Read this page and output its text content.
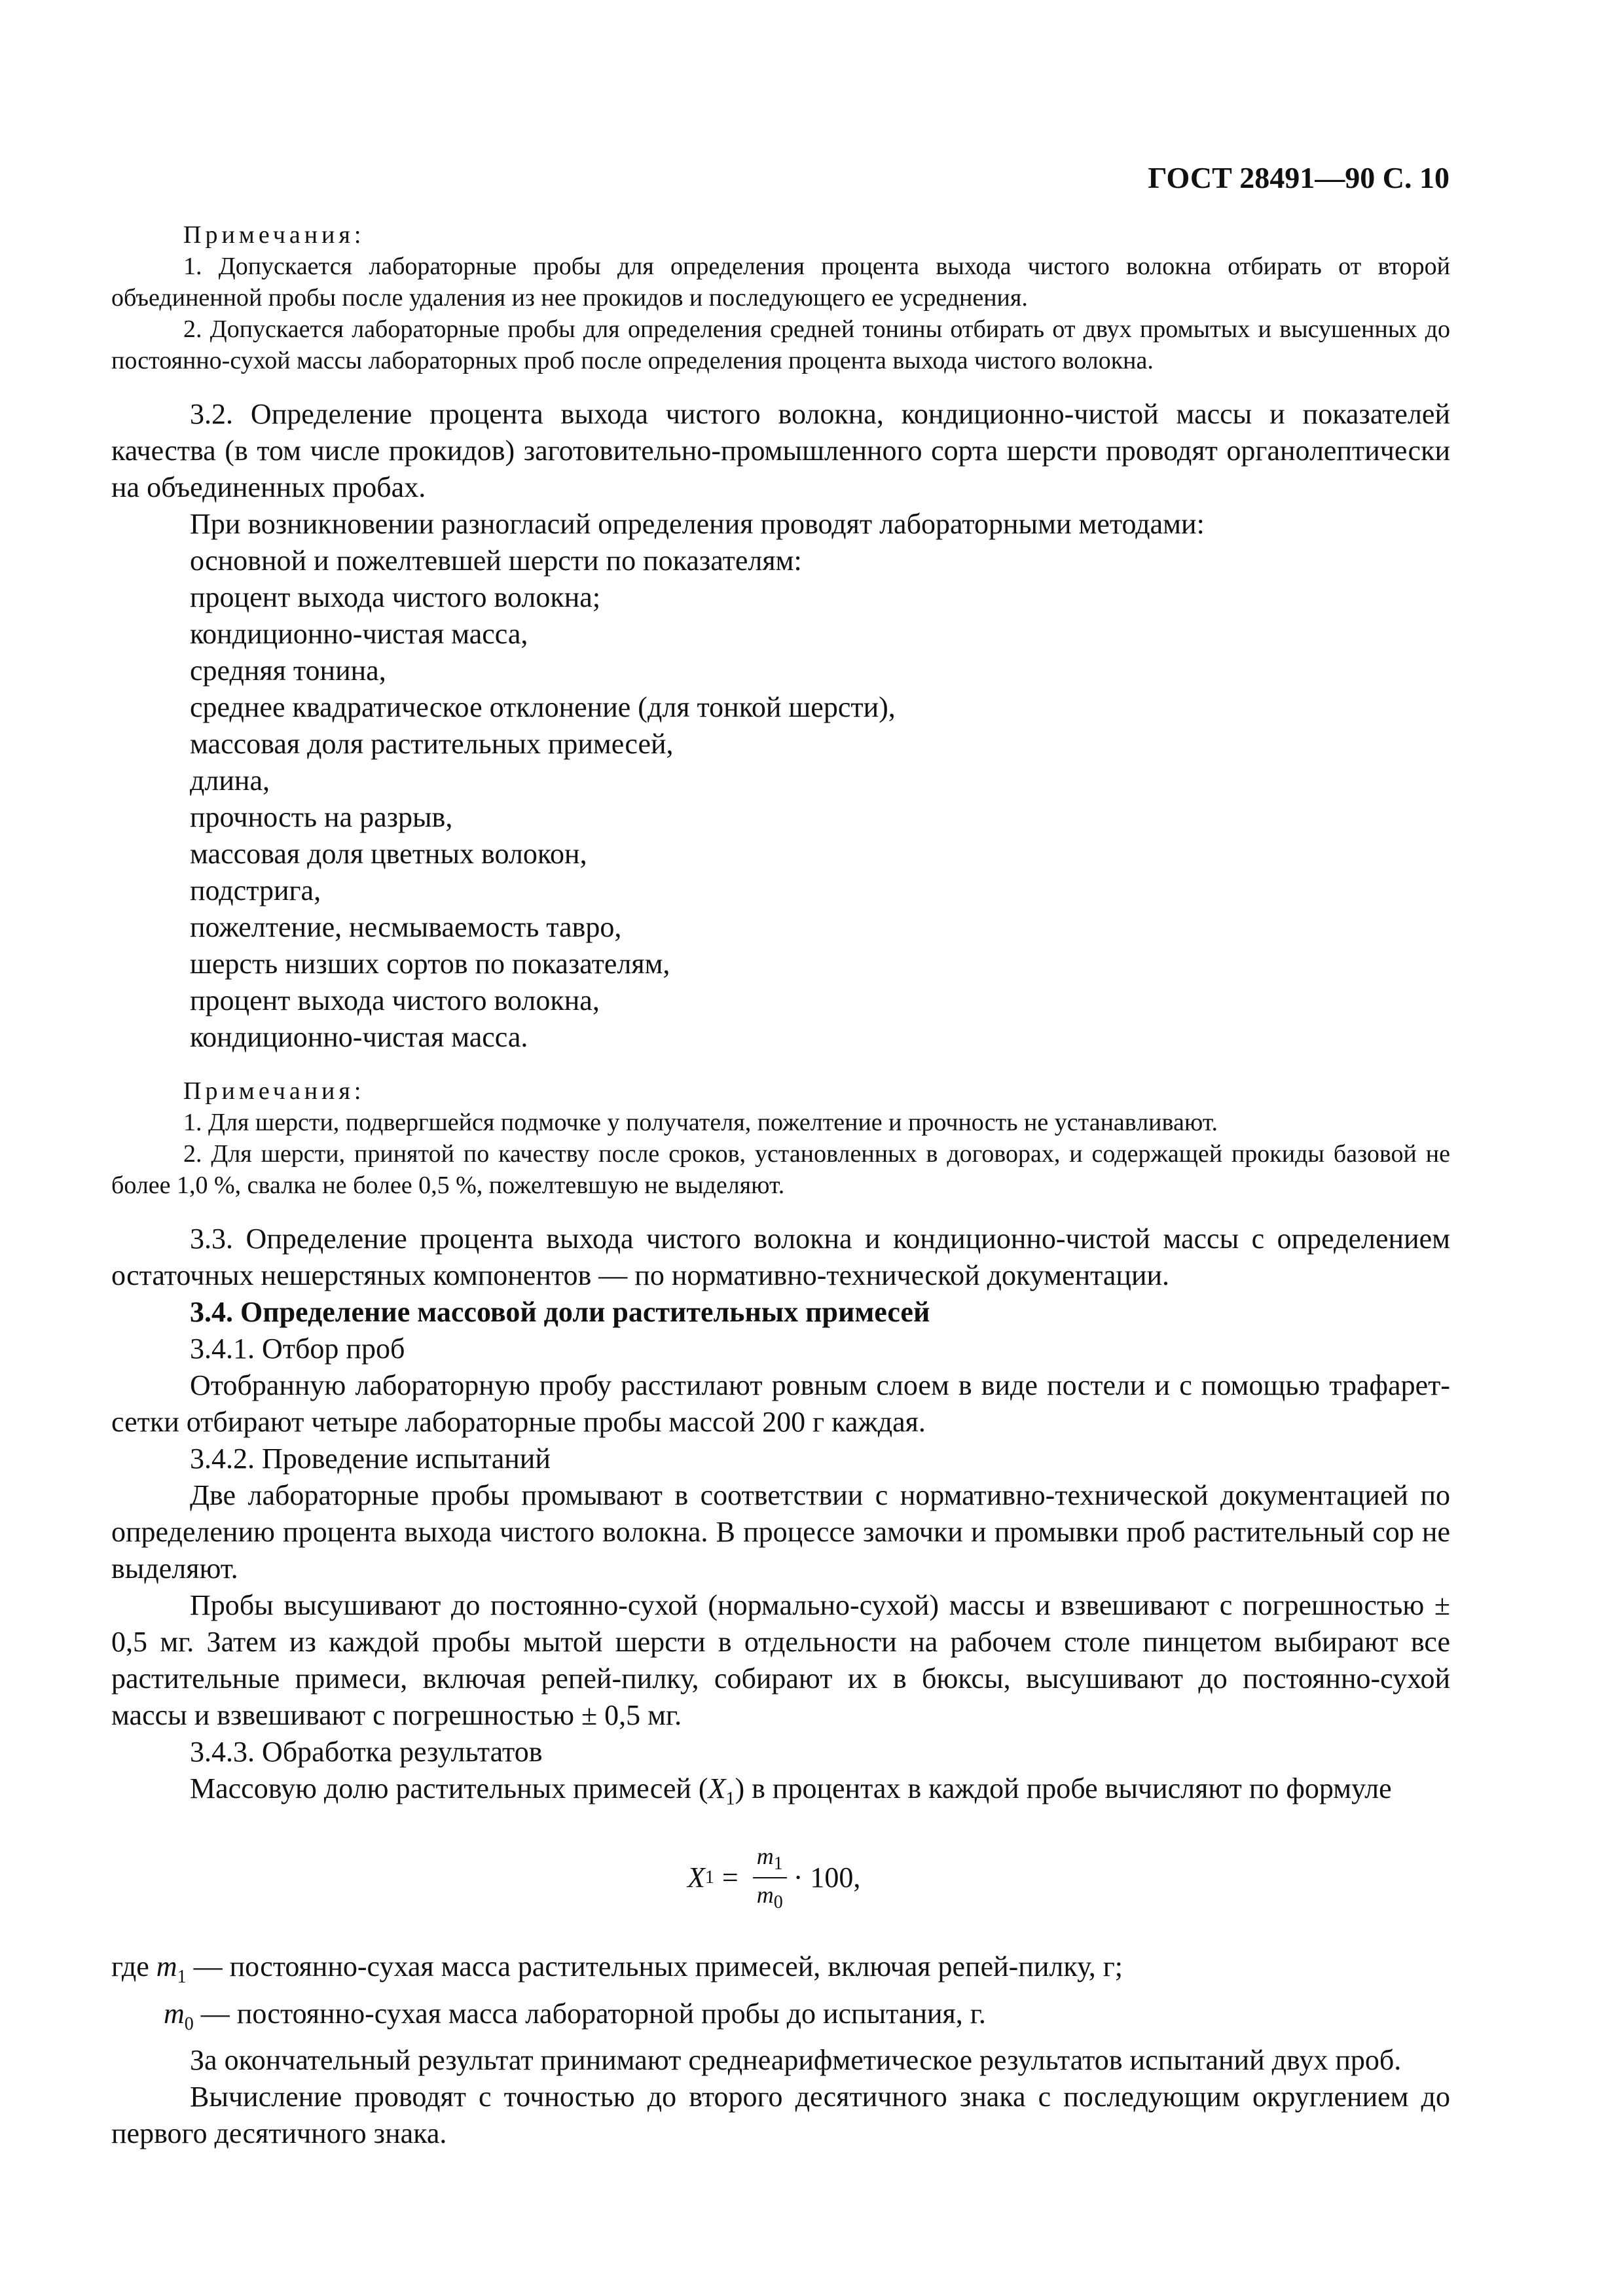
ГОСТ 28491—90 С. 10
Примечания:
1. Допускается лабораторные пробы для определения процента выхода чистого волокна отбирать от второй объединенной пробы после удаления из нее прокидов и последующего ее усреднения.
2. Допускается лабораторные пробы для определения средней тонины отбирать от двух промытых и высушенных до постоянно-сухой массы лабораторных проб после определения процента выхода чистого волокна.
3.2. Определение процента выхода чистого волокна, кондиционно-чистой массы и показателей качества (в том числе прокидов) заготовительно-промышленного сорта шерсти проводят органолептически на объединенных пробах.
При возникновении разногласий определения проводят лабораторными методами:
основной и пожелтевшей шерсти по показателям:
процент выхода чистого волокна;
кондиционно-чистая масса,
средняя тонина,
среднее квадратическое отклонение (для тонкой шерсти),
массовая доля растительных примесей,
длина,
прочность на разрыв,
массовая доля цветных волокон,
подстрига,
пожелтение, несмываемость тавро,
шерсть низших сортов по показателям,
процент выхода чистого волокна,
кондиционно-чистая масса.
Примечания:
1. Для шерсти, подвергшейся подмочке у получателя, пожелтение и прочность не устанавливают.
2. Для шерсти, принятой по качеству после сроков, установленных в договорах, и содержащей прокиды базовой не более 1,0 %, свалка не более 0,5 %, пожелтевшую не выделяют.
3.3. Определение процента выхода чистого волокна и кондиционно-чистой массы с определением остаточных нешерстяных компонентов — по нормативно-технической документации.
3.4. Определение массовой доли растительных примесей
3.4.1. Отбор проб
Отобранную лабораторную пробу расстилают ровным слоем в виде постели и с помощью трафарет-сетки отбирают четыре лабораторные пробы массой 200 г каждая.
3.4.2. Проведение испытаний
Две лабораторные пробы промывают в соответствии с нормативно-технической документацией по определению процента выхода чистого волокна. В процессе замочки и промывки проб растительный сор не выделяют.
Пробы высушивают до постоянно-сухой (нормально-сухой) массы и взвешивают с погрешностью ± 0,5 мг. Затем из каждой пробы мытой шерсти в отдельности на рабочем столе пинцетом выбирают все растительные примеси, включая репей-пилку, собирают их в бюксы, высушивают до постоянно-сухой массы и взвешивают с погрешностью ± 0,5 мг.
3.4.3. Обработка результатов
Массовую долю растительных примесей $(X_1)$ в процентах в каждой пробе вычисляют по формуле
X $1 = \frac{m_1}{m_0} \cdot 100$,
где $m_1$ — постоянно-сухая масса растительных примесей, включая репей-пилку, г;
$m_0$ — постоянно-сухая масса лабораторной пробы до испытания, г.
За окончательный результат принимают среднеарифметическое результатов испытаний двух проб.
Вычисление проводят с точностью до второго десятичного знака с последующим округлением до первого десятичного знака.
